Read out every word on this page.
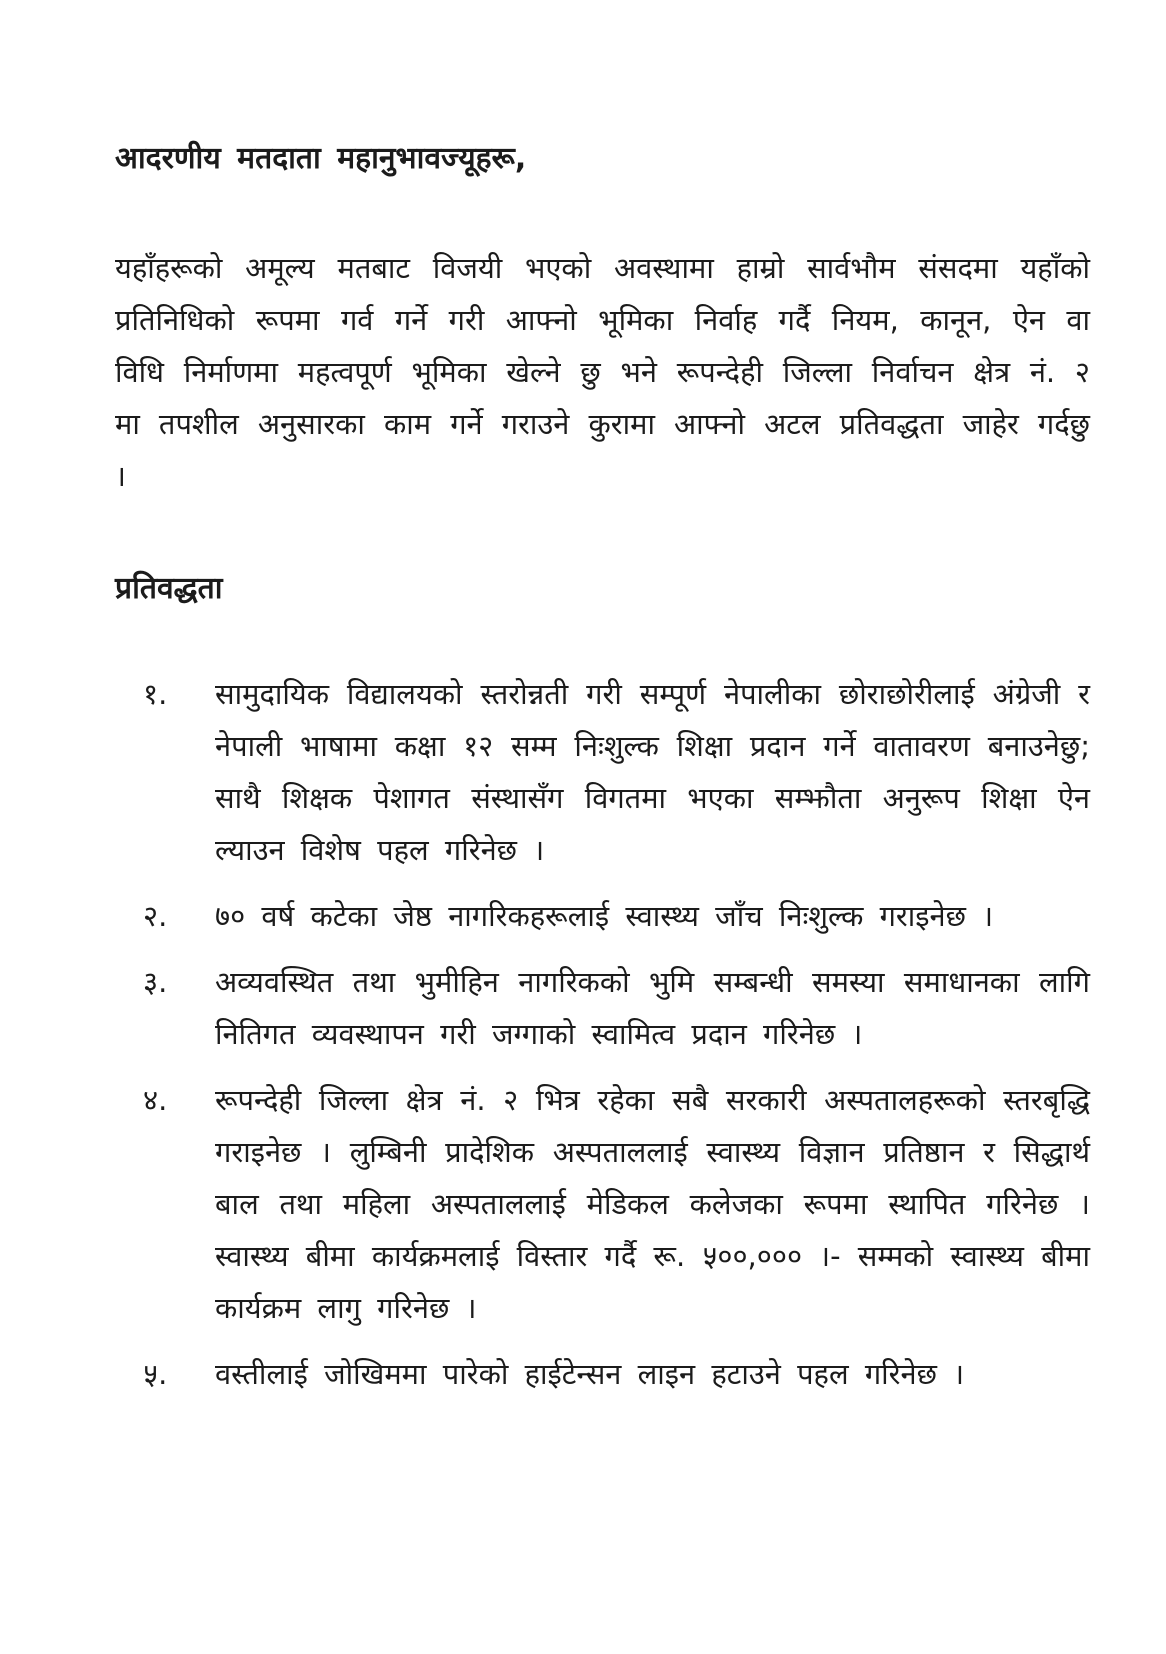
आदरणीय मतदाता महानुभावज्यूहरू,

यहाँहरूको अमूल्य मतबाट विजयी भएको अवस्थामा हाम्रो सार्वभौम संसदमा यहाँको प्रतिनिधिको रूपमा गर्व गर्ने गरी आफ्नो भूमिका निर्वाह गर्दै नियम, कानून, ऐन वा विधि निर्माणमा महत्वपूर्ण भूमिका खेल्ने छु भने रूपन्देही जिल्ला निर्वाचन क्षेत्र नं. २ मा तपशील अनुसारका काम गर्ने गराउने कुरामा आफ्नो अटल प्रतिवद्धता जाहेर गर्दछु ।

प्रतिवद्धता

१.	सामुदायिक विद्यालयको स्तरोन्नती गरी सम्पूर्ण नेपालीका छोराछोरीलाई अंग्रेजी र नेपाली भाषामा कक्षा १२ सम्म निःशुल्क शिक्षा प्रदान गर्ने वातावरण बनाउनेछु; साथै शिक्षक पेशागत संस्थासँग विगतमा भएका सम्झौता अनुरूप शिक्षा ऐन ल्याउन विशेष पहल गरिनेछ ।
२.	७० वर्ष कटेका जेष्ठ नागरिकहरूलाई स्वास्थ्य जाँच निःशुल्क गराइनेछ ।
३.	अव्यवस्थित तथा भुमीहिन नागरिकको भुमि सम्बन्धी समस्या समाधानका लागि नितिगत व्यवस्थापन गरी जग्गाको स्वामित्व प्रदान गरिनेछ ।
४.	रूपन्देही जिल्ला क्षेत्र नं. २ भित्र रहेका सबै सरकारी अस्पतालहरूको स्तरबृद्धि गराइनेछ । लुम्बिनी प्रादेशिक अस्पताललाई स्वास्थ्य विज्ञान प्रतिष्ठान र सिद्धार्थ बाल तथा महिला अस्पताललाई मेडिकल कलेजका रूपमा स्थापित गरिनेछ । स्वास्थ्य बीमा कार्यक्रमलाई विस्तार गर्दै रू. ५००,००० ।- सम्मको स्वास्थ्य बीमा कार्यक्रम लागु गरिनेछ ।
५.	वस्तीलाई जोखिममा पारेको हाईटेन्सन लाइन हटाउने पहल गरिनेछ ।
